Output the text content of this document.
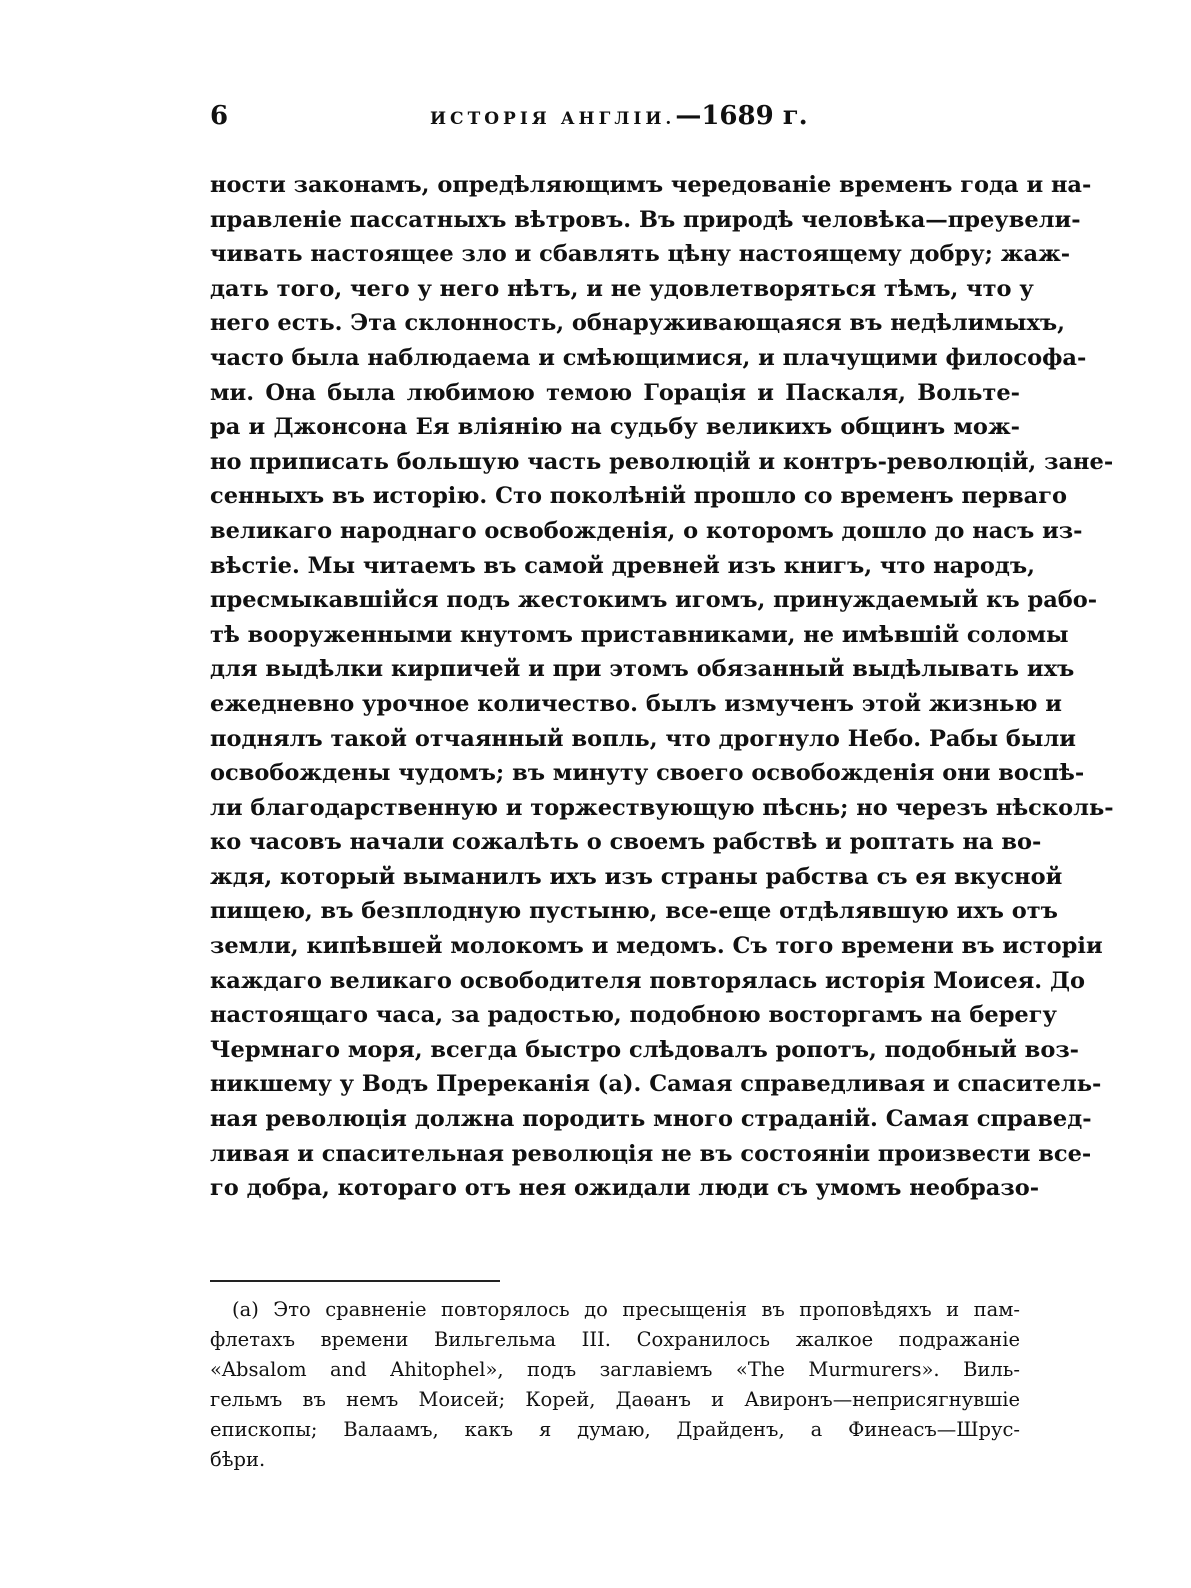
6	ИСТОРІЯ АНГЛІИ.—1689 г.
ности законамъ, опредѣляющимъ чередованіе временъ года и на-
правленіе пассатныхъ вѣтровъ. Въ природѣ человѣка—преувели-
чивать настоящее зло и сбавлять цѣну настоящему добру; жаж-
дать того, чего у него нѣтъ, и не удовлетворяться тѣмъ, что у
него есть. Эта склонность, обнаруживающаяся въ недѣлимыхъ,
часто была наблюдаема и смѣющимися, и плачущими философа-
ми. Она была любимою темою Горація и Паскаля, Вольте-
ра и Джонсона Ея вліянію на судьбу великихъ общинъ мож-
но приписать большую часть революцій и контръ-революцій, занe-
сенныхъ въ исторію. Сто поколѣній прошло со временъ перваго
великаго народнаго освобожденія, о которомъ дошло до насъ из-
вѣстіе. Мы читаемъ въ самой древней изъ книгъ, что народъ,
пресмыкавшійся подъ жестокимъ игомъ, принуждаемый къ рабо-
тѣ вооруженными кнутомъ приставниками, не имѣвшій соломы
для выдѣлки кирпичей и при этомъ обязанный выдѣлывать ихъ
ежедневно урочное количество. былъ измученъ этой жизнью и
поднялъ такой отчаянный вопль, что дрогнуло Небо. Рабы были
освобождены чудомъ; въ минуту своего освобожденія они воспѣ-
ли благодарственную и торжествующую пѣснь; но черезъ нѣсколь-
ко часовъ начали сожалѣть о своемъ рабствѣ и роптать на во-
ждя, который выманилъ ихъ изъ страны рабства съ ея вкусной
пищею, въ безплодную пустыню, все-еще отдѣлявшую ихъ отъ
земли, кипѣвшей молокомъ и медомъ. Съ того времени въ исторіи
каждаго великаго освободителя повторялась исторія Моисея. До
настоящаго часа, за радостью, подобною восторгамъ на берегу
Чермнаго моря, всегда быстро слѣдовалъ ропотъ, подобный воз-
никшему у Водъ Пререканія (а). Самая справедливая и спаситель-
ная революція должна породить много страданій. Самая справед-
ливая и спасительная революція не въ состояніи произвести все-
го добра, котораго отъ нея ожидали люди съ умомъ необразо-
(а) Это сравненіе повторялось до пресыщенія въ проповѣдяхъ и пам-
флетахъ времени Вильгельма III. Сохранилось жалкое подражаніе
«Absalom and Ahitophel», подъ заглавіемъ «The Murmurers». Виль-
гельмъ въ немъ Моисей; Корей, Даѳанъ и Авиронъ—неприсягнувшіе
епископы; Валаамъ, какъ я думаю, Драйденъ, а Финеасъ—Шрус-
бѣри.
